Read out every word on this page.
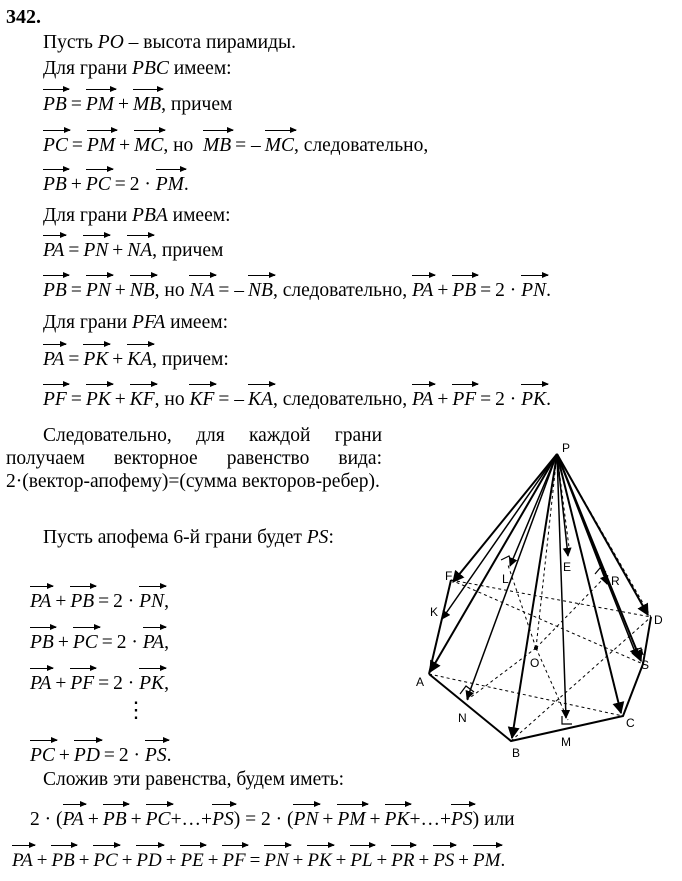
342.
Пусть PO – высота пирамиды.
Для грани PBC имеем:
PB = PM + MB, причем
PC = PM + MC, но MB = – MC, следовательно,
PB + PC = 2 · PM.
Для грани PBA имеем:
PA = PN + NA, причем
PB = PN + NB, но NA = – NB, следовательно, PA + PB = 2 · PN.
Для грани PFA имеем:
PA = PK + KA, причем:
PF = PK + KF, но KF = – KA, следовательно, PA + PF = 2 · PK.
Следовательно, для каждой грани получаем векторное равенство вида: 2·(вектор-апофему)=(сумма векторов-ребер).
Пусть апофема 6-й грани будет PS:
PA + PB = 2 · PN,
PB + PC = 2 · PA,
PA + PF = 2 · PK,
⋮
PC + PD = 2 · PS.
Сложив эти равенства, будем иметь:
2 · (PA + PB + PC+…+PS) = 2 · (PN + PM + PK+…+PS) или
PA + PB + PC + PD + PE + PF = PN + PK + PL + PR + PS + PM.
P
F	L
E
R
D
K
O	S
A
N
M
C
B
